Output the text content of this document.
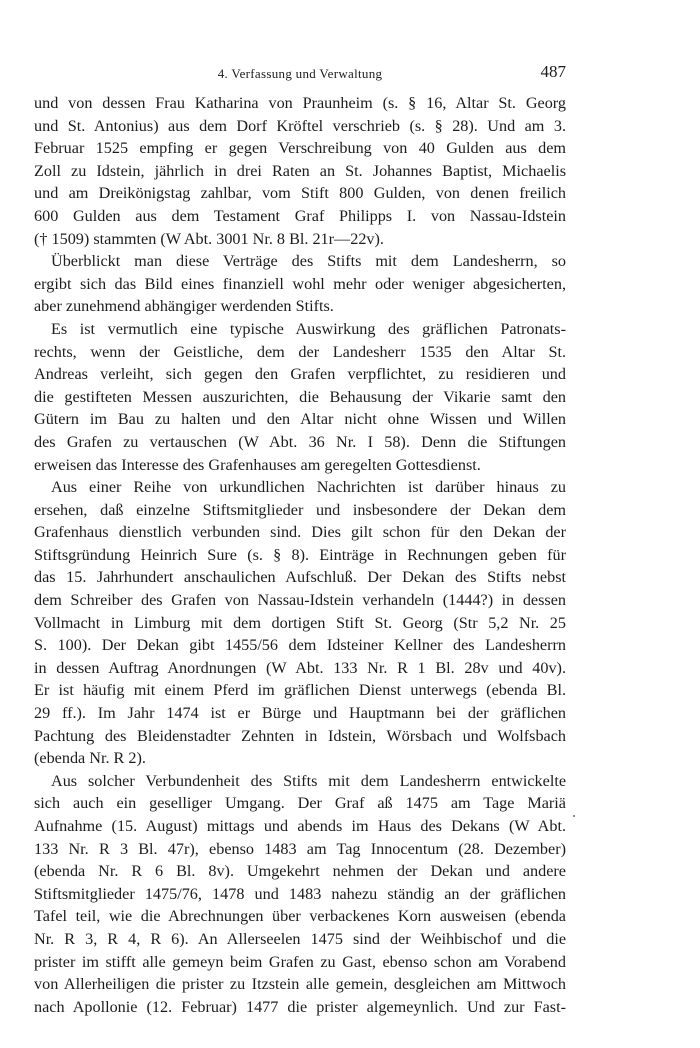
4. Verfassung und Verwaltung	487
und von dessen Frau Katharina von Praunheim (s. § 16, Altar St. Georg
und St. Antonius) aus dem Dorf Kröftel verschrieb (s. § 28). Und am 3.
Februar 1525 empfing er gegen Verschreibung von 40 Gulden aus dem
Zoll zu Idstein, jährlich in drei Raten an St. Johannes Baptist, Michaelis
und am Dreikönigstag zahlbar, vom Stift 800 Gulden, von denen freilich
600 Gulden aus dem Testament Graf Philipps I. von Nassau-Idstein
(† 1509) stammten (W Abt. 3001 Nr. 8 Bl. 21r—22v).
Überblickt man diese Verträge des Stifts mit dem Landesherrn, so
ergibt sich das Bild eines finanziell wohl mehr oder weniger abgesicherten,
aber zunehmend abhängiger werdenden Stifts.
Es ist vermutlich eine typische Auswirkung des gräflichen Patronats-
rechts, wenn der Geistliche, dem der Landesherr 1535 den Altar St.
Andreas verleiht, sich gegen den Grafen verpflichtet, zu residieren und
die gestifteten Messen auszurichten, die Behausung der Vikarie samt den
Gütern im Bau zu halten und den Altar nicht ohne Wissen und Willen
des Grafen zu vertauschen (W Abt. 36 Nr. I 58). Denn die Stiftungen
erweisen das Interesse des Grafenhauses am geregelten Gottesdienst.
Aus einer Reihe von urkundlichen Nachrichten ist darüber hinaus zu
ersehen, daß einzelne Stiftsmitglieder und insbesondere der Dekan dem
Grafenhaus dienstlich verbunden sind. Dies gilt schon für den Dekan der
Stiftsgründung Heinrich Sure (s. § 8). Einträge in Rechnungen geben für
das 15. Jahrhundert anschaulichen Aufschluß. Der Dekan des Stifts nebst
dem Schreiber des Grafen von Nassau-Idstein verhandeln (1444?) in dessen
Vollmacht in Limburg mit dem dortigen Stift St. Georg (Str 5,2 Nr. 25
S. 100). Der Dekan gibt 1455/56 dem Idsteiner Kellner des Landesherrn
in dessen Auftrag Anordnungen (W Abt. 133 Nr. R 1 Bl. 28v und 40v).
Er ist häufig mit einem Pferd im gräflichen Dienst unterwegs (ebenda Bl.
29 ff.). Im Jahr 1474 ist er Bürge und Hauptmann bei der gräflichen
Pachtung des Bleidenstadter Zehnten in Idstein, Wörsbach und Wolfsbach
(ebenda Nr. R 2).
Aus solcher Verbundenheit des Stifts mit dem Landesherrn entwickelte
sich auch ein geselliger Umgang. Der Graf aß 1475 am Tage Mariä
Aufnahme (15. August) mittags und abends im Haus des Dekans (W Abt.
133 Nr. R 3 Bl. 47r), ebenso 1483 am Tag Innocentum (28. Dezember)
(ebenda Nr. R 6 Bl. 8v). Umgekehrt nehmen der Dekan und andere
Stiftsmitglieder 1475/76, 1478 und 1483 nahezu ständig an der gräflichen
Tafel teil, wie die Abrechnungen über verbackenes Korn ausweisen (ebenda
Nr. R 3, R 4, R 6). An Allerseelen 1475 sind der Weihbischof und die
prister im stifft alle gemeyn beim Grafen zu Gast, ebenso schon am Vorabend
von Allerheiligen die prister zu Itzstein alle gemein, desgleichen am Mittwoch
nach Apollonie (12. Februar) 1477 die prister algemeynlich. Und zur Fast-
